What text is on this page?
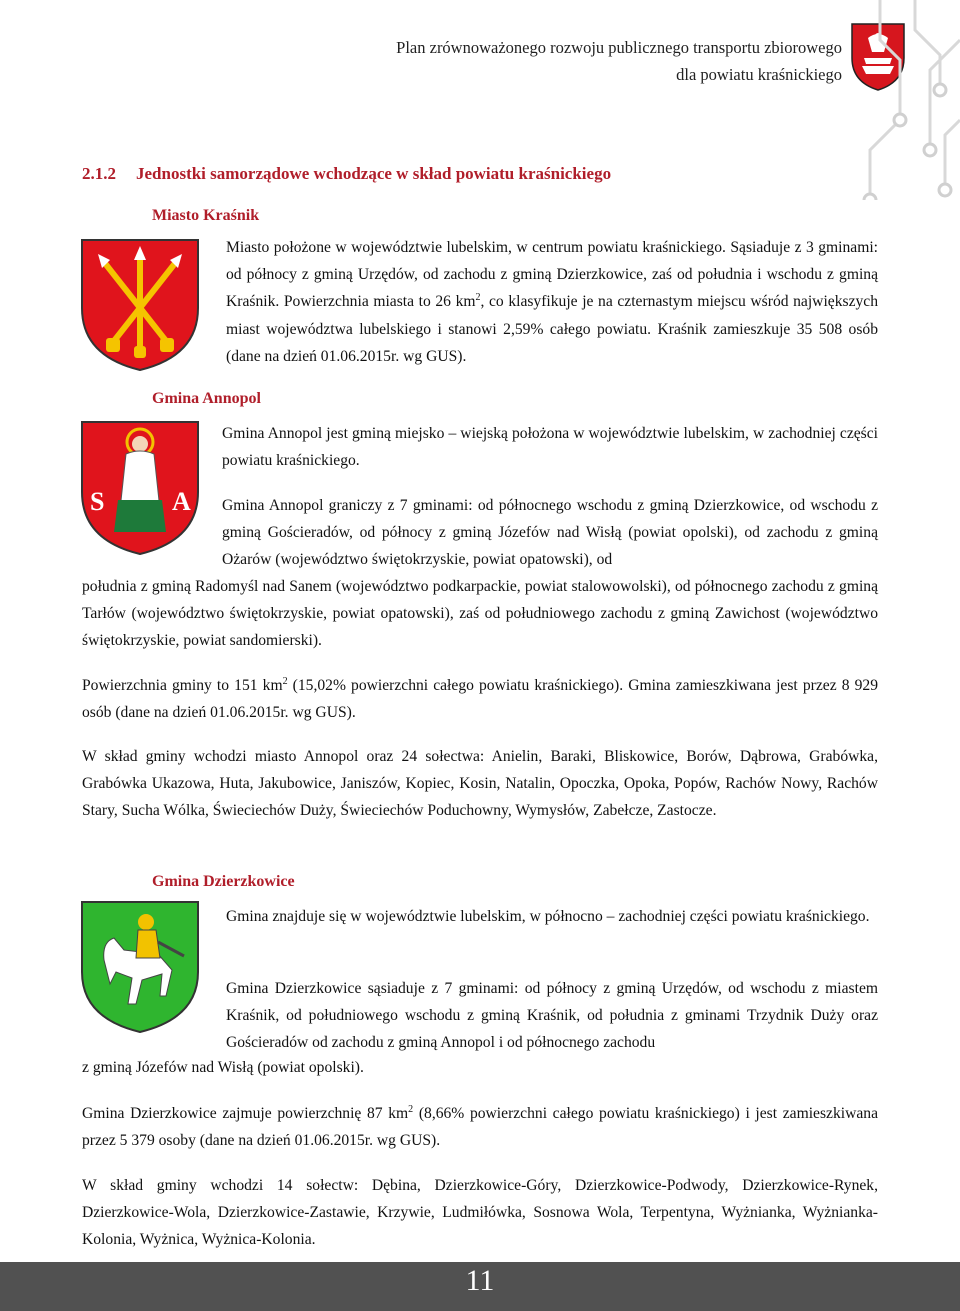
Plan zrównoważonego rozwoju publicznego transportu zbiorowego
dla powiatu kraśnickiego
2.1.2 Jednostki samorządowe wchodzące w skład powiatu kraśnickiego
Miasto Kraśnik

Miasto położone w województwie lubelskim, w centrum powiatu kraśnickiego. Sąsiaduje z 3 gminami: od północy z gminą Urzędów, od zachodu z gminą Dzierzkowice, zaś od południa i wschodu z gminą Kraśnik. Powierzchnia miasta to 26 $km^2$, co klasyfikuje je na czternastym miejscu wśród największych miast województwa lubelskiego i stanowi 2,59% całego powiatu. Kraśnik zamieszkuje 35 508 osób (dane na dzień 01.06.2015r. wg GUS).

Gmina Annopol
S	A

Gmina Annopol jest gminą miejsko – wiejską położona w województwie lubelskim, w zachodniej części powiatu kraśnickiego.

Gmina Annopol graniczy z 7 gminami: od północnego wschodu z gminą Dzierzkowice, od wschodu z gminą Gościeradów, od północy z gminą Józefów nad Wisłą (powiat opolski), od zachodu z gminą Ożarów (województwo świętokrzyskie, powiat opatowski), od

południa z gminą Radomyśl nad Sanem (województwo podkarpackie, powiat stalowowolski), od północnego zachodu z gminą Tarłów (województwo świętokrzyskie, powiat opatowski), zaś od południowego zachodu z gminą Zawichost (województwo świętokrzyskie, powiat sandomierski).

Powierzchnia gminy to 151 $km^2$ (15,02% powierzchni całego powiatu kraśnickiego). Gmina zamieszkiwana jest przez 8 929 osób (dane na dzień 01.06.2015r. wg GUS).

W skład gminy wchodzi miasto Annopol oraz 24 sołectwa: Anielin, Baraki, Bliskowice, Borów, Dąbrowa, Grabówka, Grabówka Ukazowa, Huta, Jakubowice, Janiszów, Kopiec, Kosin, Natalin, Opoczka, Opoka, Popów, Rachów Nowy, Rachów Stary, Sucha Wólka, Świeciechów Duży, Świeciechów Poduchowny, Wymysłów, Zabełcze, Zastocze.

Gmina Dzierzkowice

Gmina znajduje się w województwie lubelskim, w północno – zachodniej części powiatu kraśnickiego.

Gmina Dzierzkowice sąsiaduje z 7 gminami: od północy z gminą Urzędów, od wschodu z miastem Kraśnik, od południowego wschodu z gminą Kraśnik, od południa z gminami Trzydnik Duży oraz Gościeradów od zachodu z gminą Annopol i od północnego zachodu

z gminą Józefów nad Wisłą (powiat opolski).

Gmina Dzierzkowice zajmuje powierzchnię 87 $km^2$ (8,66% powierzchni całego powiatu kraśnickiego) i jest zamieszkiwana przez 5 379 osoby (dane na dzień 01.06.2015r. wg GUS).

W skład gminy wchodzi 14 sołectw: Dębina, Dzierzkowice-Góry, Dzierzkowice-Podwody, Dzierzkowice-Rynek, Dzierzkowice-Wola, Dzierzkowice-Zastawie, Krzywie, Ludmiłówka, Sosnowa Wola, Terpentyna, Wyżnianka, Wyżnianka-Kolonia, Wyżnica, Wyżnica-Kolonia.

11
